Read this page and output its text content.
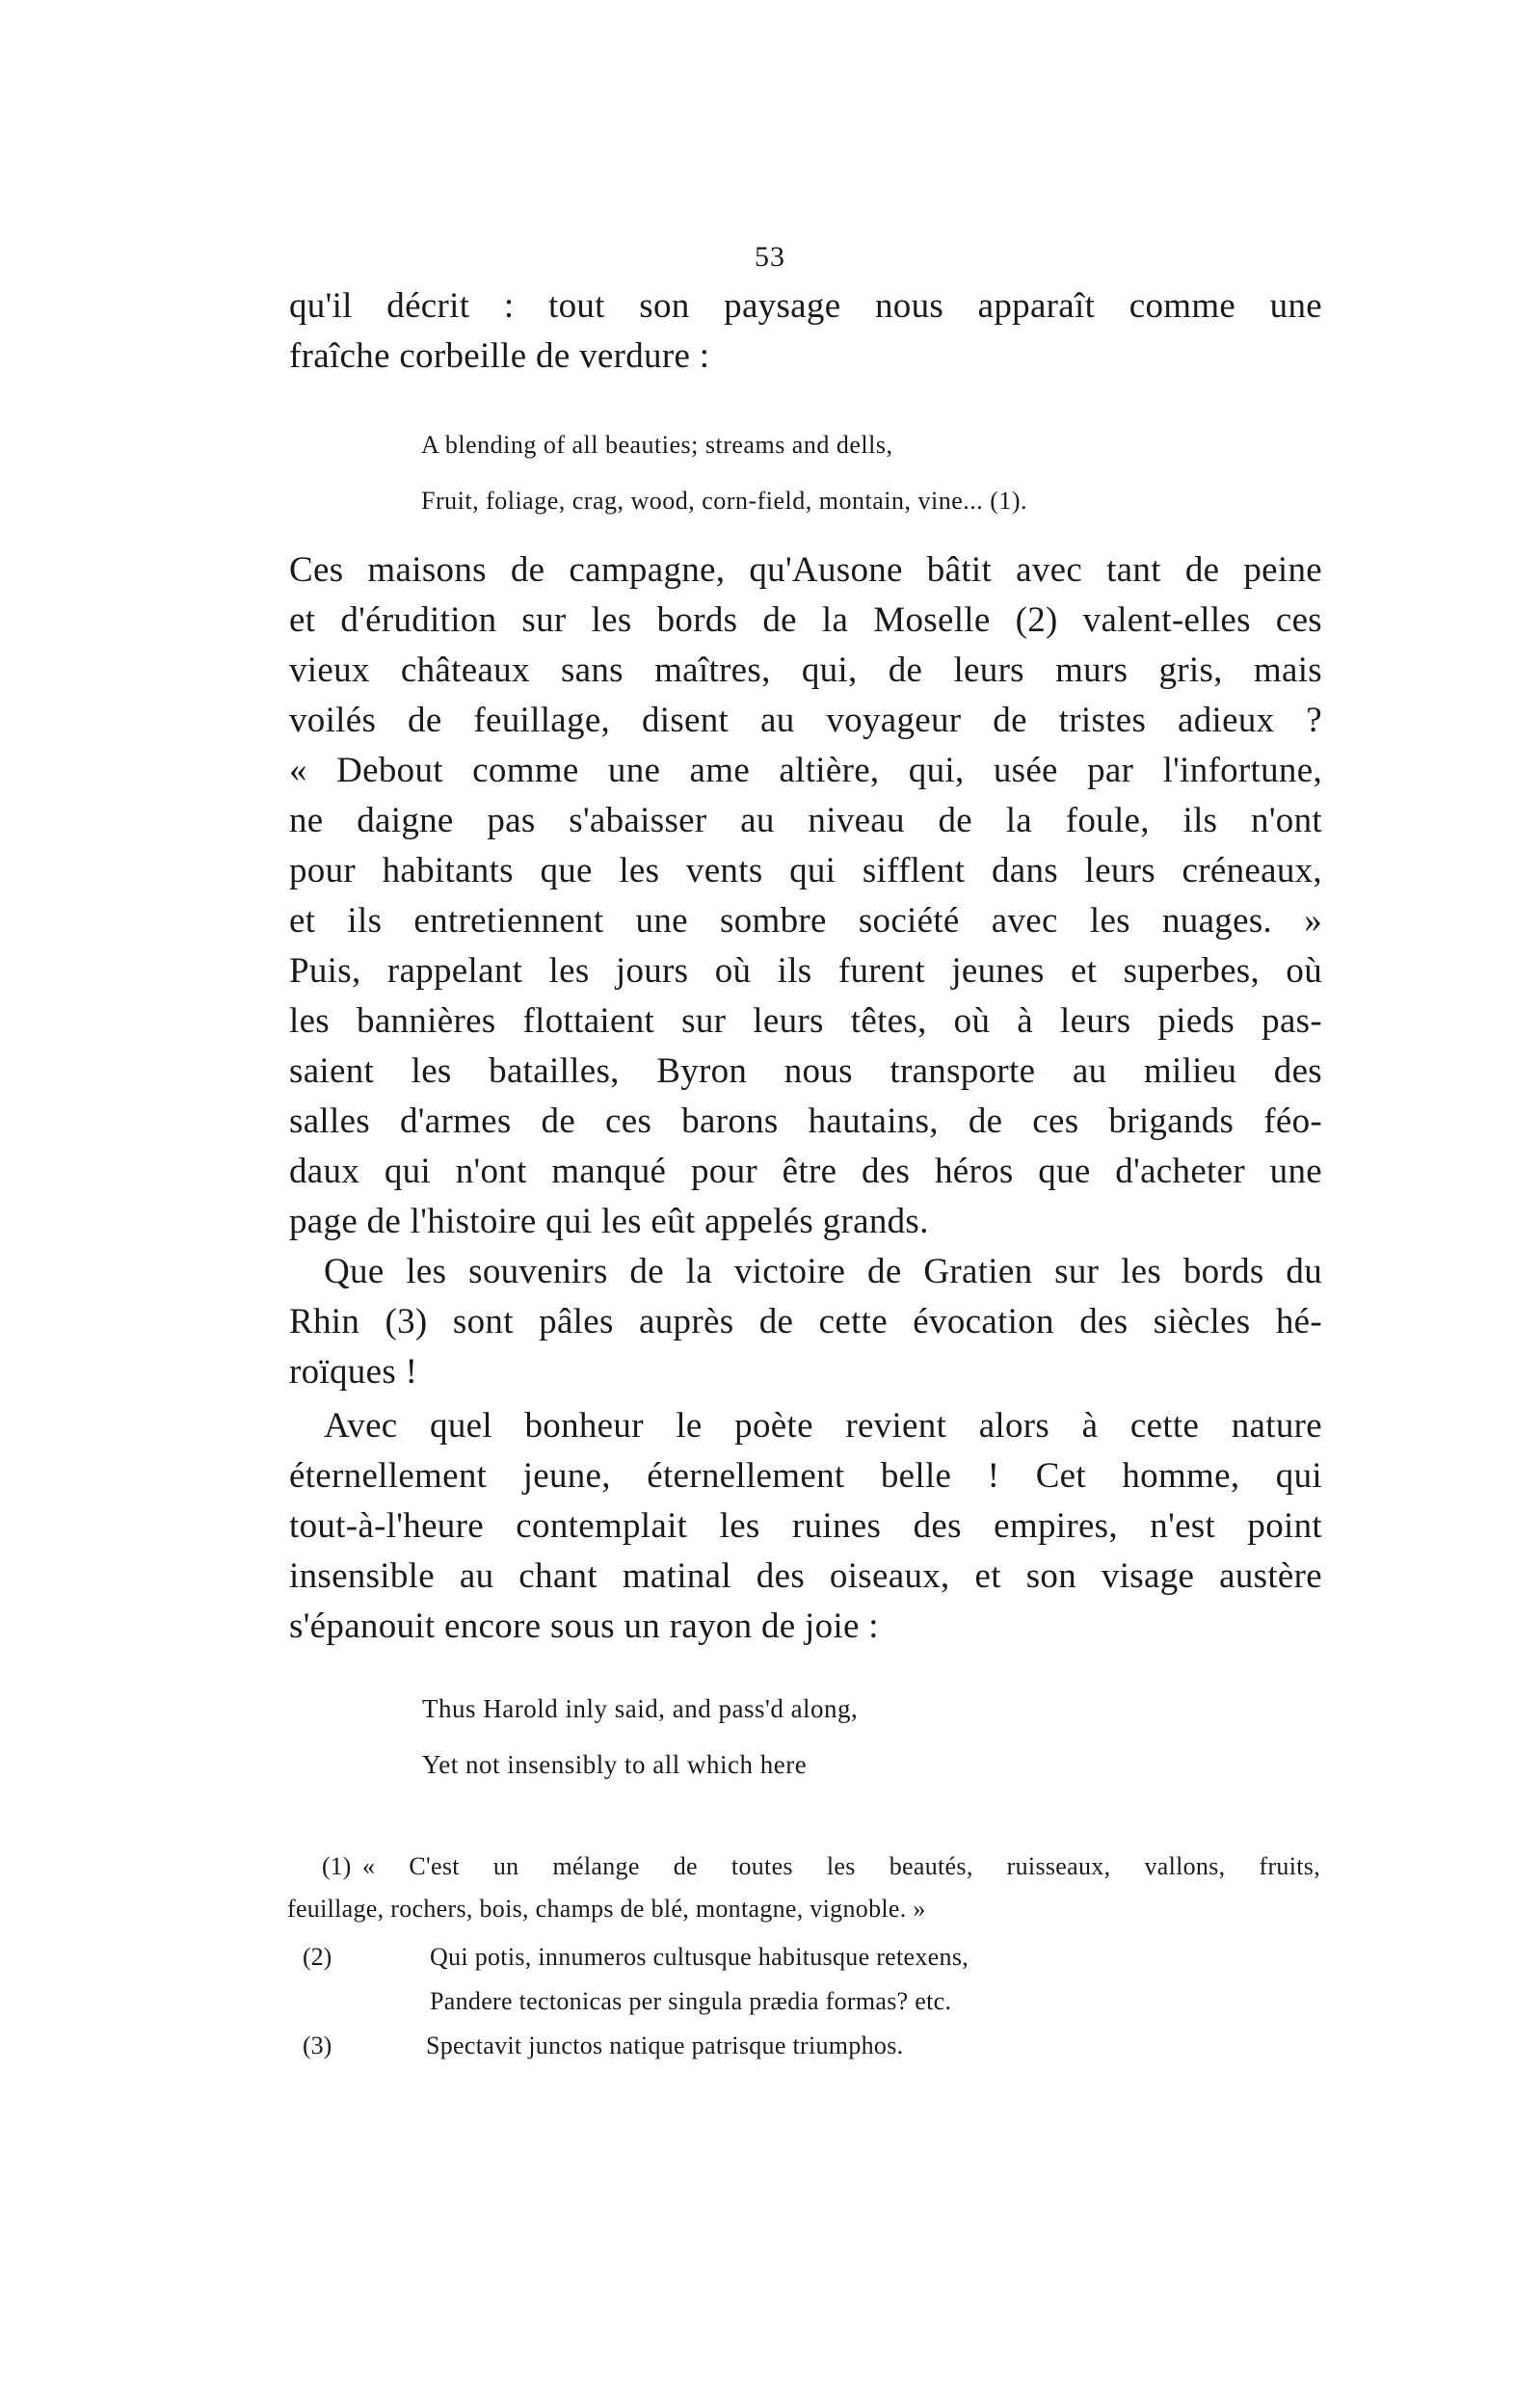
53
qu'il décrit : tout son paysage nous apparaît comme une
fraîche corbeille de verdure :
A blending of all beauties; streams and dells,
Fruit, foliage, crag, wood, corn-field, montain, vine... (1).
Ces maisons de campagne, qu'Ausone bâtit avec tant de peine
et d'érudition sur les bords de la Moselle (2) valent-elles ces
vieux châteaux sans maîtres, qui, de leurs murs gris, mais
voilés de feuillage, disent au voyageur de tristes adieux ?
« Debout comme une ame altière, qui, usée par l'infortune,
ne daigne pas s'abaisser au niveau de la foule, ils n'ont
pour habitants que les vents qui sifflent dans leurs créneaux,
et ils entretiennent une sombre société avec les nuages. »
Puis, rappelant les jours où ils furent jeunes et superbes, où
les bannières flottaient sur leurs têtes, où à leurs pieds pas-
saient les batailles, Byron nous transporte au milieu des
salles d'armes de ces barons hautains, de ces brigands féo-
daux qui n'ont manqué pour être des héros que d'acheter une
page de l'histoire qui les eût appelés grands.
Que les souvenirs de la victoire de Gratien sur les bords du
Rhin (3) sont pâles auprès de cette évocation des siècles hé-
roïques !
Avec quel bonheur le poète revient alors à cette nature
éternellement jeune, éternellement belle ! Cet homme, qui
tout-à-l'heure contemplait les ruines des empires, n'est point
insensible au chant matinal des oiseaux, et son visage austère
s'épanouit encore sous un rayon de joie :
Thus Harold inly said, and pass'd along,
Yet not insensibly to all which here
(1) « C'est un mélange de toutes les beautés, ruisseaux, vallons, fruits,
feuillage, rochers, bois, champs de blé, montagne, vignoble. »
(2)	Qui potis, innumeros cultusque habitusque retexens,
Pandere tectonicas per singula prædia formas? etc.
(3)	Spectavit junctos natique patrisque triumphos.
